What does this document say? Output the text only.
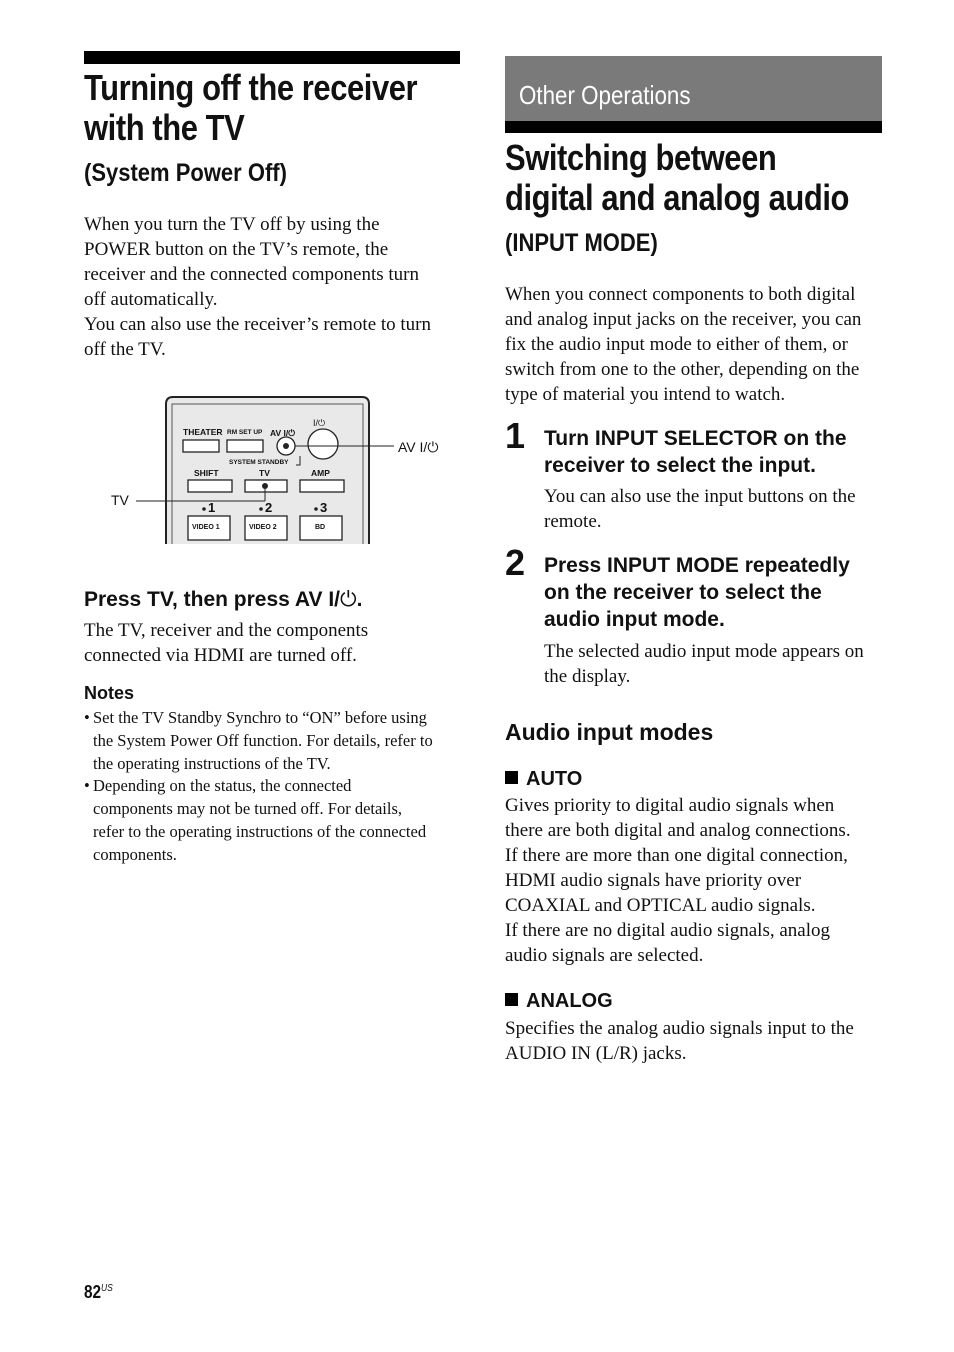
Turning off the receiver
with the TV
(System Power Off)
When you turn the TV off by using the
POWER button on the TV’s remote, the
receiver and the connected components turn
off automatically.
You can also use the receiver’s remote to turn
off the TV.
THEATER RM SET UP AV I/⏻
I/⏻
SYSTEM STANDBY
SHIFT	TV	AMP
1	2	3
VIDEO 1	VIDEO 2	BD
AV I/⏻
TV
Press TV, then press AV I/⏻.
The TV, receiver and the components
connected via HDMI are turned off.
Notes
• Set the TV Standby Synchro to “ON” before using
the System Power Off function. For details, refer to
the operating instructions of the TV.
• Depending on the status, the connected
components may not be turned off. For details,
refer to the operating instructions of the connected
components.
Other Operations
Switching between
digital and analog audio
(INPUT MODE)
When you connect components to both digital
and analog input jacks on the receiver, you can
fix the audio input mode to either of them, or
switch from one to the other, depending on the
type of material you intend to watch.
1 Turn INPUT SELECTOR on the
receiver to select the input.
You can also use the input buttons on the
remote.
2 Press INPUT MODE repeatedly
on the receiver to select the
audio input mode.
The selected audio input mode appears on
the display.
Audio input modes
AUTO
Gives priority to digital audio signals when
there are both digital and analog connections.
If there are more than one digital connection,
HDMI audio signals have priority over
COAXIAL and OPTICAL audio signals.
If there are no digital audio signals, analog
audio signals are selected.
ANALOG
Specifies the analog audio signals input to the
AUDIO IN (L/R) jacks.
$82^{US}$
